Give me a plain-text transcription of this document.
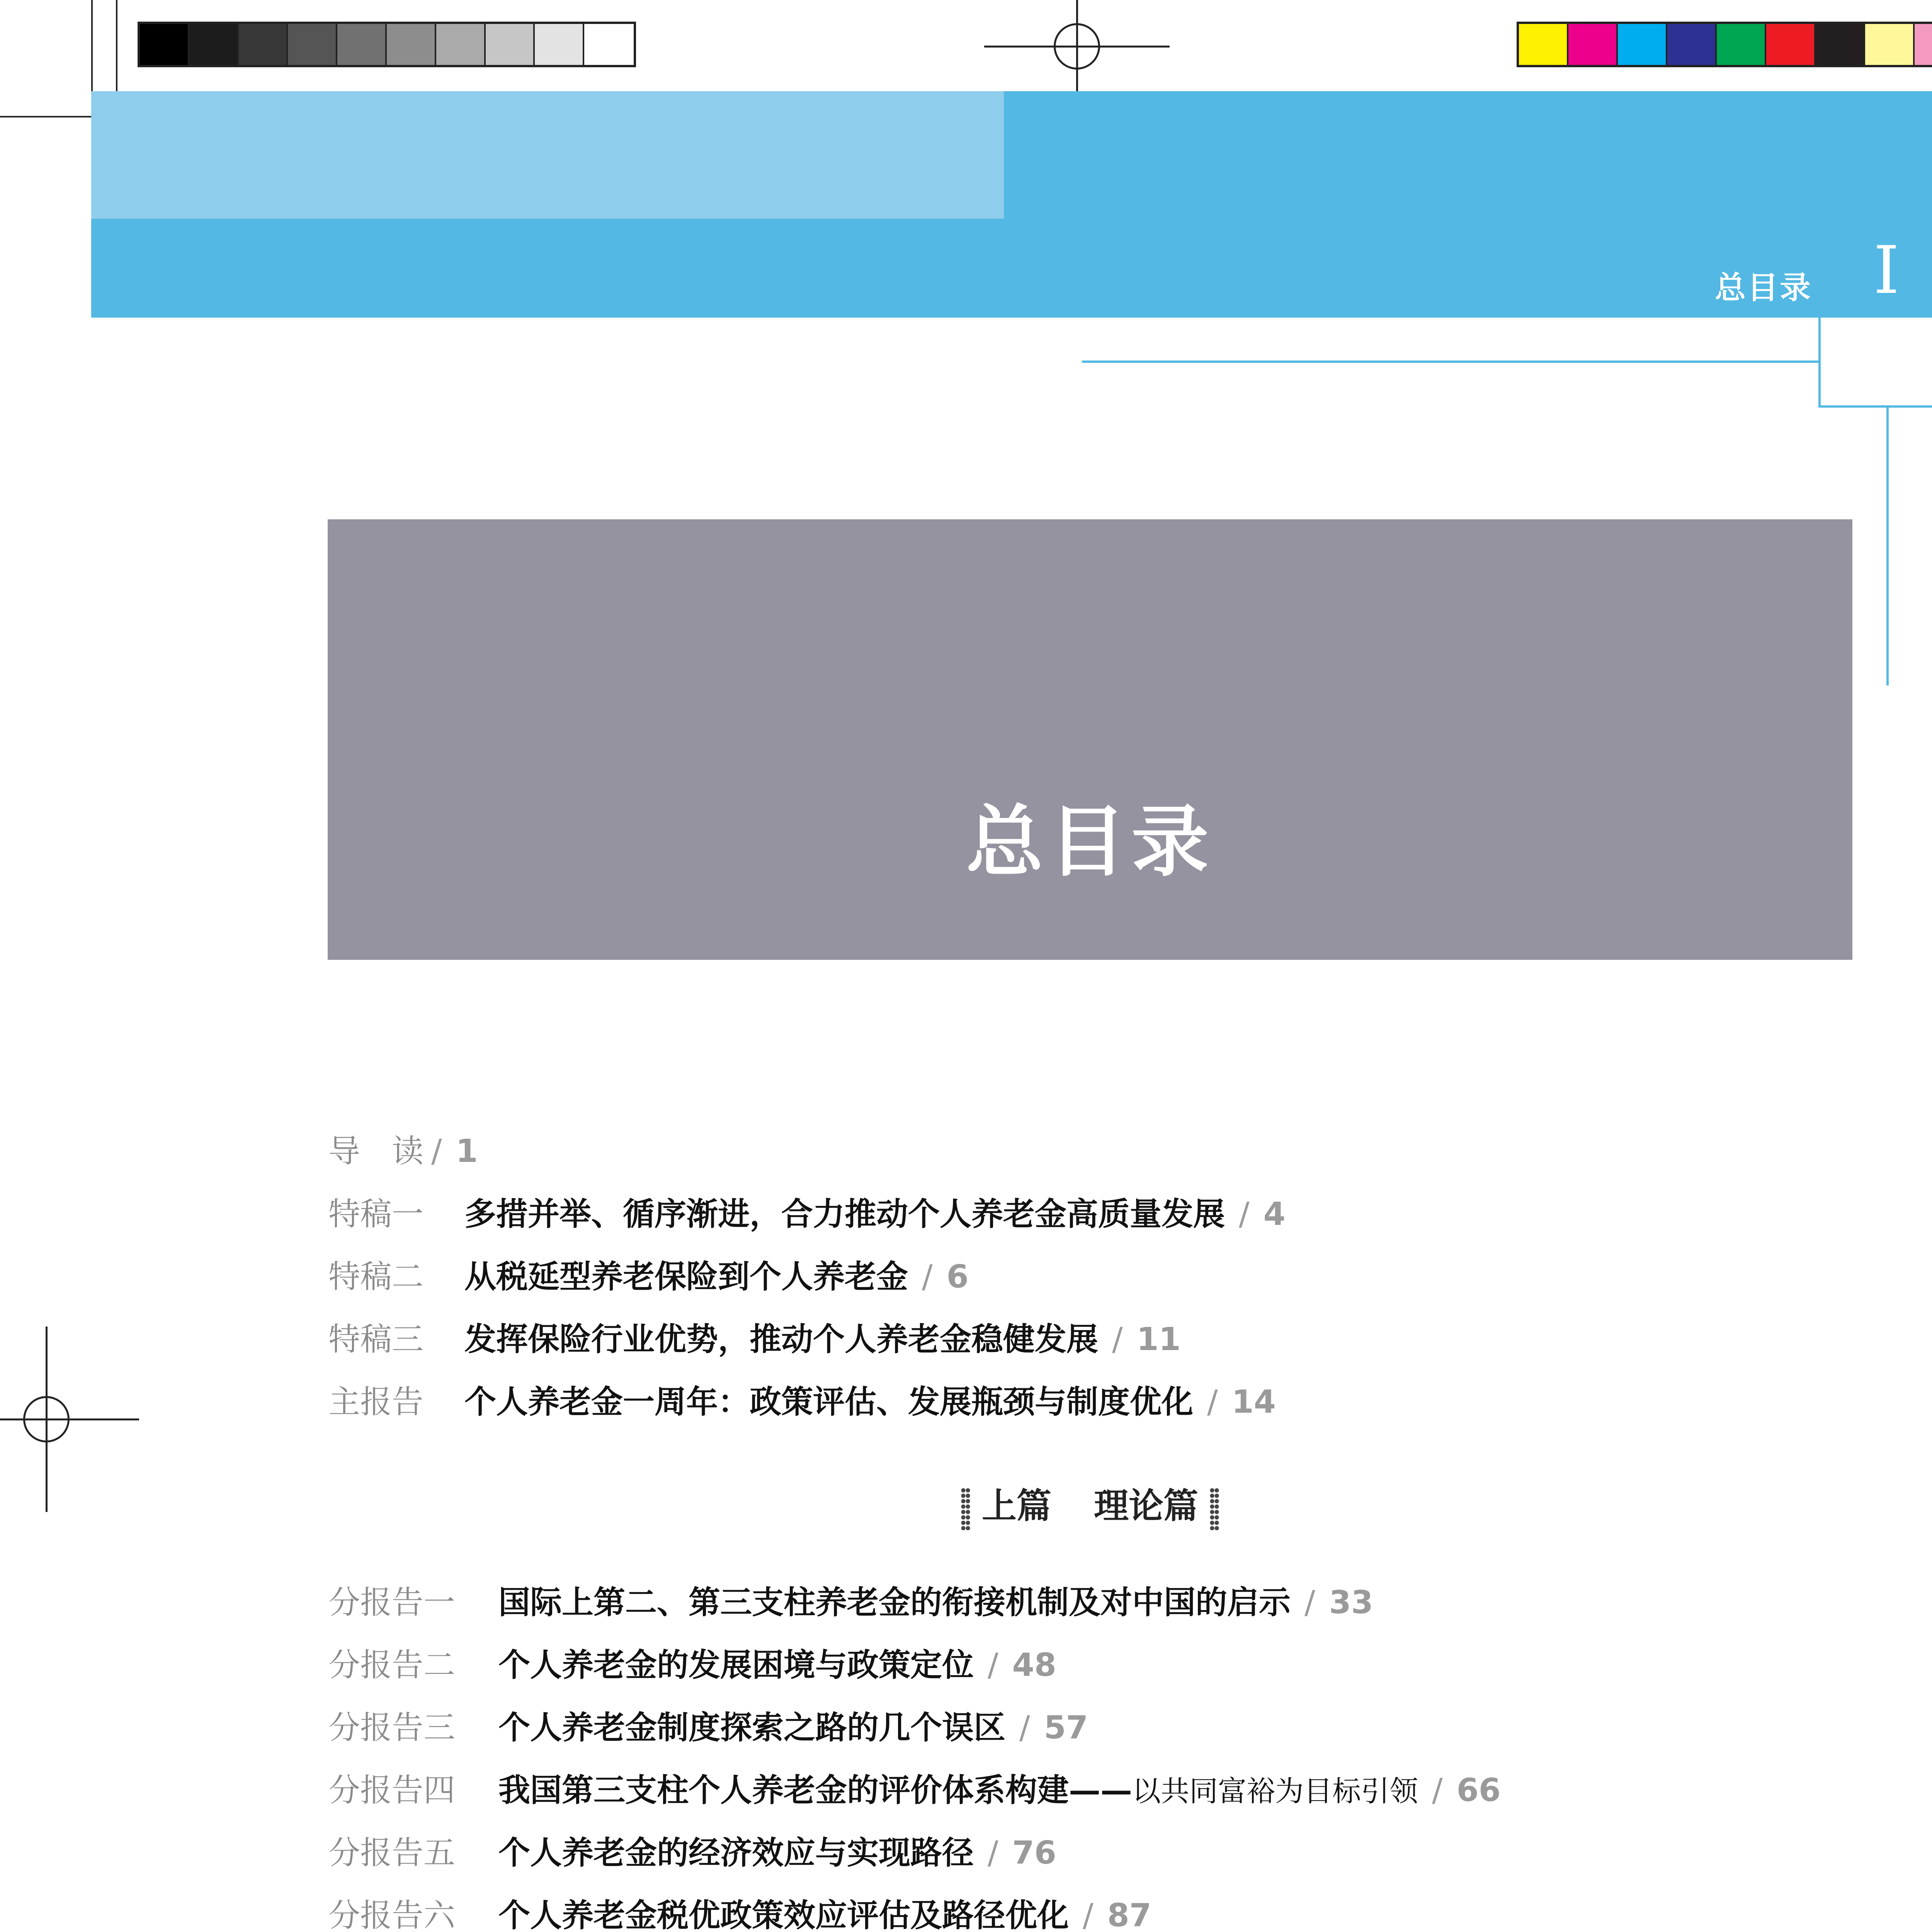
总目录 I
总目录
导　读 / 1
特稿一 多措并举、循序渐进，合力推动个人养老金高质量发展 / 4
特稿二 从税延型养老保险到个人养老金 / 6
特稿三 发挥保险行业优势，推动个人养老金稳健发展 / 11
主报告 个人养老金一周年：政策评估、发展瓶颈与制度优化 / 14
上篇 理论篇
分报告一 国际上第二、第三支柱养老金的衔接机制及对中国的启示 / 33
分报告二 个人养老金的发展困境与政策定位 / 48
分报告三 个人养老金制度探索之路的几个误区 / 57
分报告四 我国第三支柱个人养老金的评价体系构建——以共同富裕为目标引领 / 66
分报告五 个人养老金的经济效应与实现路径 / 76
分报告六 个人养老金税优政策效应评估及路径优化 / 87
